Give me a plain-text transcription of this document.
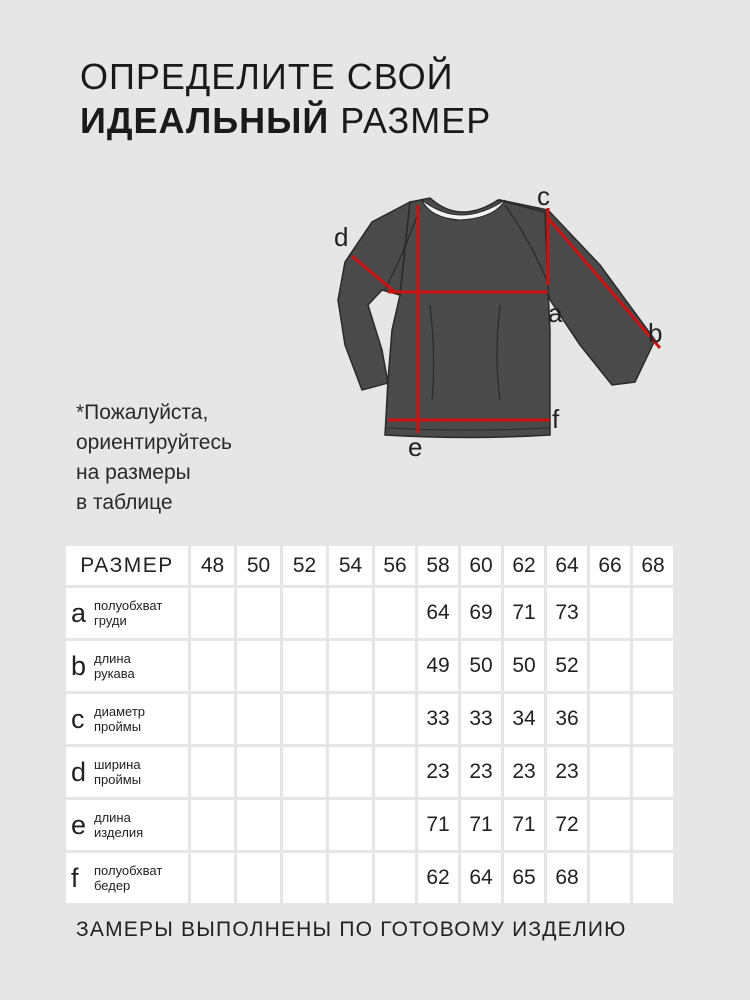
ОПРЕДЕЛИТЕ СВОЙ
ИДЕАЛЬНЫЙ РАЗМЕР
a
b
c
d
e
f
*Пожалуйста,
ориентируйтесь
на размеры
в таблице
РАЗМЕР	48	50	52	54	56	58	60	62	64	66	68

a полуобхват
груди						64	69	71	73		

b длина
рукава						49	50	50	52		

c диаметр
проймы						33	33	34	36		

d ширина
проймы						23	23	23	23		

e длина
изделия						71	71	71	72		

f полуобхват
бедер						62	64	65	68		
ЗАМЕРЫ ВЫПОЛНЕНЫ ПО ГОТОВОМУ ИЗДЕЛИЮ
